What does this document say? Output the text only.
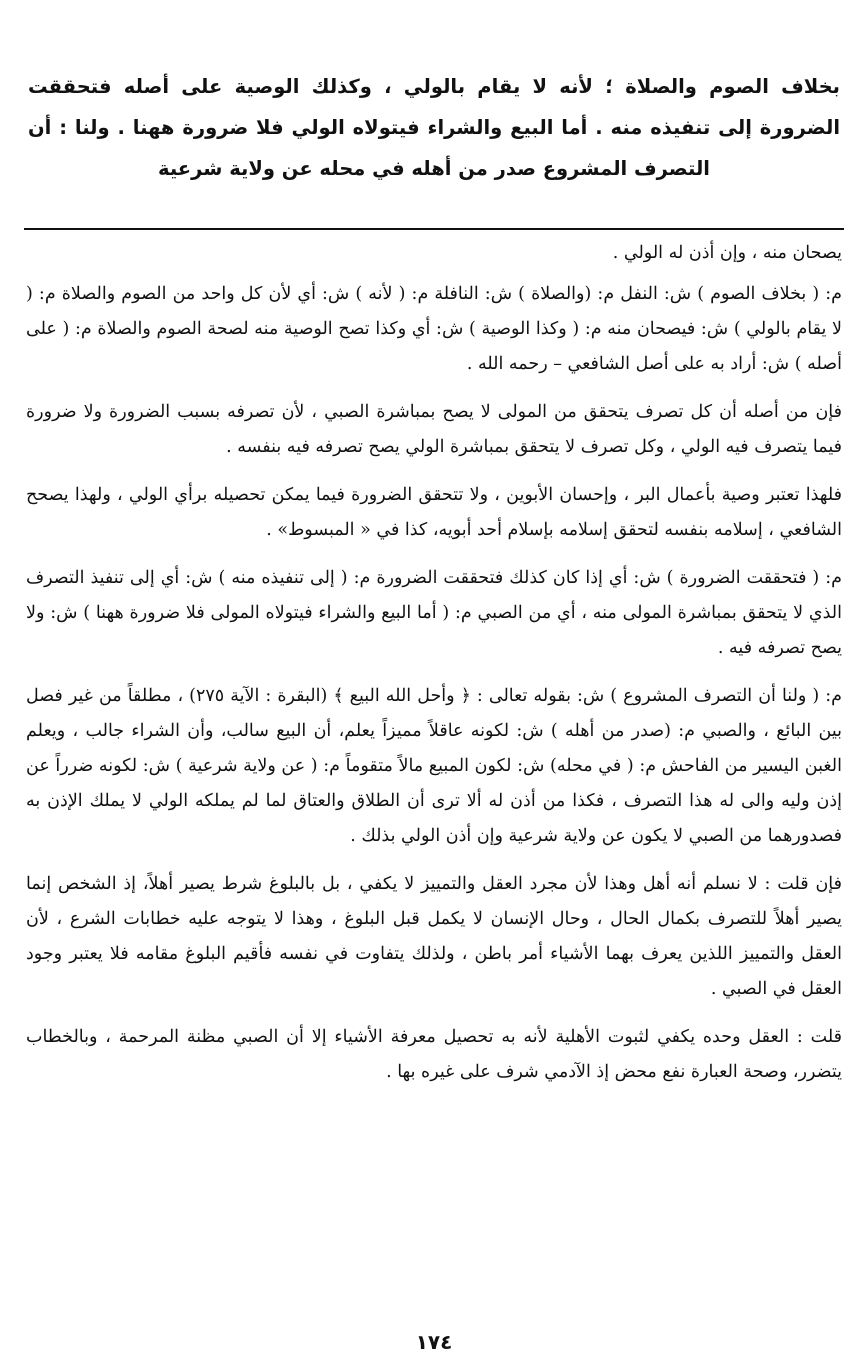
بخلاف الصوم والصلاة ؛ لأنه لا يقام بالولي ، وكذلك الوصية على أصله فتحققت الضرورة إلى تنفيذه منه . أما البيع والشراء فيتولاه الولي فلا ضرورة ههنا . ولنا : أن التصرف المشروع صدر من أهله في محله عن ولاية شرعية

يصحان منه ، وإن أذن له الولي .

م: ( بخلاف الصوم ) ش: النفل م: (والصلاة ) ش: النافلة م: ( لأنه ) ش: أي لأن كل واحد من الصوم والصلاة م: ( لا يقام بالولي ) ش: فيصحان منه م: ( وكذا الوصية ) ش: أي وكذا تصح الوصية منه لصحة الصوم والصلاة م: ( على أصله ) ش: أراد به على أصل الشافعي – رحمه الله .

فإن من أصله أن كل تصرف يتحقق من المولى لا يصح بمباشرة الصبي ، لأن تصرفه بسبب الضرورة ولا ضرورة فيما يتصرف فيه الولي ، وكل تصرف لا يتحقق بمباشرة الولي يصح تصرفه فيه بنفسه .

فلهذا تعتبر وصية بأعمال البر ، وإحسان الأبوين ، ولا تتحقق الضرورة فيما يمكن تحصيله برأي الولي ، ولهذا يصحح الشافعي ، إسلامه بنفسه لتحقق إسلامه بإسلام أحد أبويه، كذا في « المبسوط» .

م: ( فتحققت الضرورة ) ش: أي إذا كان كذلك فتحققت الضرورة م: ( إلى تنفيذه منه ) ش: أي إلى تنفيذ التصرف الذي لا يتحقق بمباشرة المولى منه ، أي من الصبي م: ( أما البيع والشراء فيتولاه المولى فلا ضرورة ههنا ) ش: ولا يصح تصرفه فيه .

م: ( ولنا أن التصرف المشروع ) ش: بقوله تعالى : ﴿ وأحل الله البيع ﴾ (البقرة : الآية ٢٧٥) ، مطلقاً من غير فصل بين البائع ، والصبي م: (صدر من أهله ) ش: لكونه عاقلاً مميزاً يعلم، أن البيع سالب، وأن الشراء جالب ، ويعلم الغبن اليسير من الفاحش م: ( في محله) ش: لكون المبيع مالاً متقوماً م: ( عن ولاية شرعية ) ش: لكونه ضرراً عن إذن وليه والى له هذا التصرف ، فكذا من أذن له ألا ترى أن الطلاق والعتاق لما لم يملكه الولي لا يملك الإذن به فصدورهما من الصبي لا يكون عن ولاية شرعية وإن أذن الولي بذلك .

فإن قلت : لا نسلم أنه أهل وهذا لأن مجرد العقل والتمييز لا يكفي ، بل بالبلوغ شرط يصير أهلاً، إذ الشخص إنما يصير أهلاً للتصرف بكمال الحال ، وحال الإنسان لا يكمل قبل البلوغ ، وهذا لا يتوجه عليه خطابات الشرع ، لأن العقل والتمييز اللذين يعرف بهما الأشياء أمر باطن ، ولذلك يتفاوت في نفسه فأقيم البلوغ مقامه فلا يعتبر وجود العقل في الصبي .

قلت : العقل وحده يكفي لثبوت الأهلية لأنه به تحصيل معرفة الأشياء إلا أن الصبي مظنة المرحمة ، وبالخطاب يتضرر، وصحة العبارة نفع محض إذ الآدمي شرف على غيره بها .

١٧٤
